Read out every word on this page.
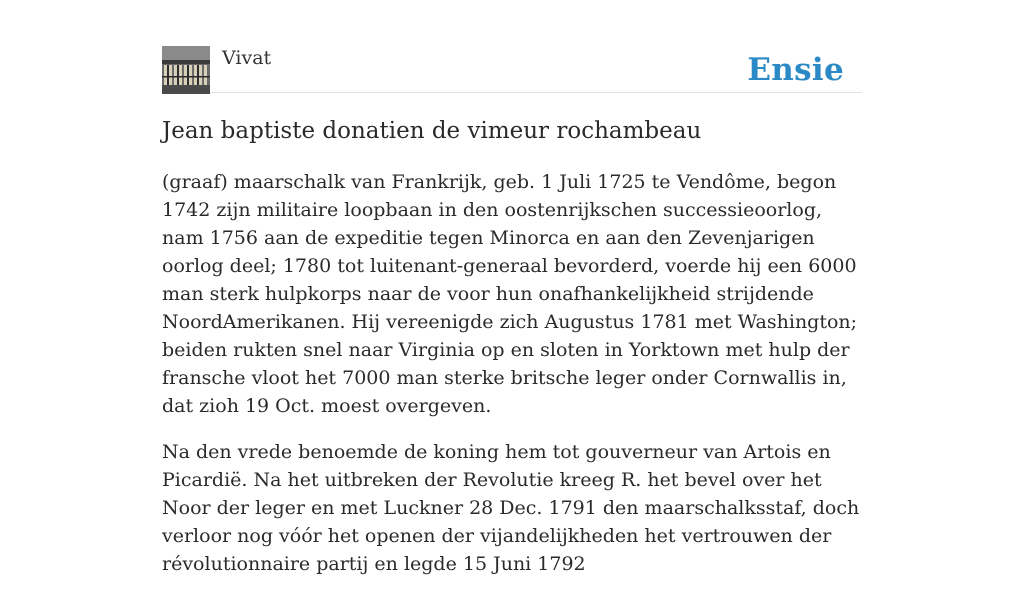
Vivat	Ensie
Jean baptiste donatien de vimeur rochambeau

(graaf) maarschalk van Frankrijk, geb. 1 Juli 1725 te Vendôme, begon 1742 zijn militaire loopbaan in den oostenrijkschen successieoorlog, nam 1756 aan de expeditie tegen Minorca en aan den Zevenjarigen oorlog deel; 1780 tot luitenant-generaal bevorderd, voerde hij een 6000 man sterk hulpkorps naar de voor hun onafhankelijkheid strijdende NoordAmerikanen. Hij vereenigde zich Augustus 1781 met Washington; beiden rukten snel naar Virginia op en sloten in Yorktown met hulp der fransche vloot het 7000 man sterke britsche leger onder Cornwallis in, dat zioh 19 Oct. moest overgeven.

Na den vrede benoemde de koning hem tot gouverneur van Artois en Picardië. Na het uitbreken der Revolutie kreeg R. het bevel over het Noor der leger en met Luckner 28 Dec. 1791 den maarschalksstaf, doch verloor nog vóór het openen der vijandelijkheden het vertrouwen der révolutionnaire partij en legde 15 Juni 1792
